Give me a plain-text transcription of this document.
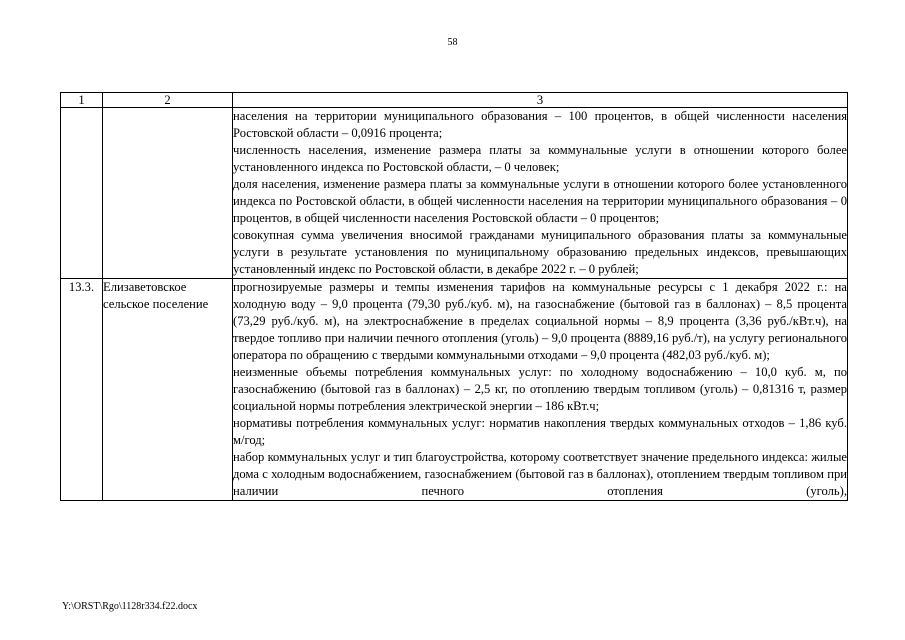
58
1	2	3

		населения на территории муниципального образования – 100 процентов, в общей численности населения Ростовской области – 0,0916 процента;

численность населения, изменение размера платы за коммунальные услуги в отношении которого более установленного индекса по Ростовской области, – 0 человек;

доля населения, изменение размера платы за коммунальные услуги в отношении которого более установленного индекса по Ростовской области, в общей численности населения на территории муниципального образования – 0 процентов, в общей численности населения Ростовской области – 0 процентов;

совокупная сумма увеличения вносимой гражданами муниципального образования платы за коммунальные услуги в результате установления по муниципальному образованию предельных индексов, превышающих установленный индекс по Ростовской области, в декабре 2022 г. – 0 рублей;

13.3.	Елизаветовское сельское поселение	прогнозируемые размеры и темпы изменения тарифов на коммунальные ресурсы с 1 декабря 2022 г.: на холодную воду – 9,0 процента (79,30 руб./куб. м), на газоснабжение (бытовой газ в баллонах) – 8,5 процента (73,29 руб./куб. м), на электроснабжение в пределах социальной нормы – 8,9 процента (3,36 руб./кВт.ч), на твердое топливо при наличии печного отопления (уголь) – 9,0 процента (8889,16 руб./т), на услугу регионального оператора по обращению с твердыми коммунальными отходами – 9,0 процента (482,03 руб./куб. м);

неизменные объемы потребления коммунальных услуг: по холодному водоснабжению – 10,0 куб. м, по газоснабжению (бытовой газ в баллонах) – 2,5 кг, по отоплению твердым топливом (уголь) – 0,81316 т, размер социальной нормы потребления электрической энергии – 186 кВт.ч;

нормативы потребления коммунальных услуг: норматив накопления твердых коммунальных отходов – 1,86 куб. м/год;

набор коммунальных услуг и тип благоустройства, которому соответствует значение предельного индекса: жилые дома с холодным водоснабжением, газоснабжением (бытовой газ в баллонах), отоплением твердым топливом при наличии печного отопления (уголь),

Y:\ORST\Rgo\1128r334.f22.docx
